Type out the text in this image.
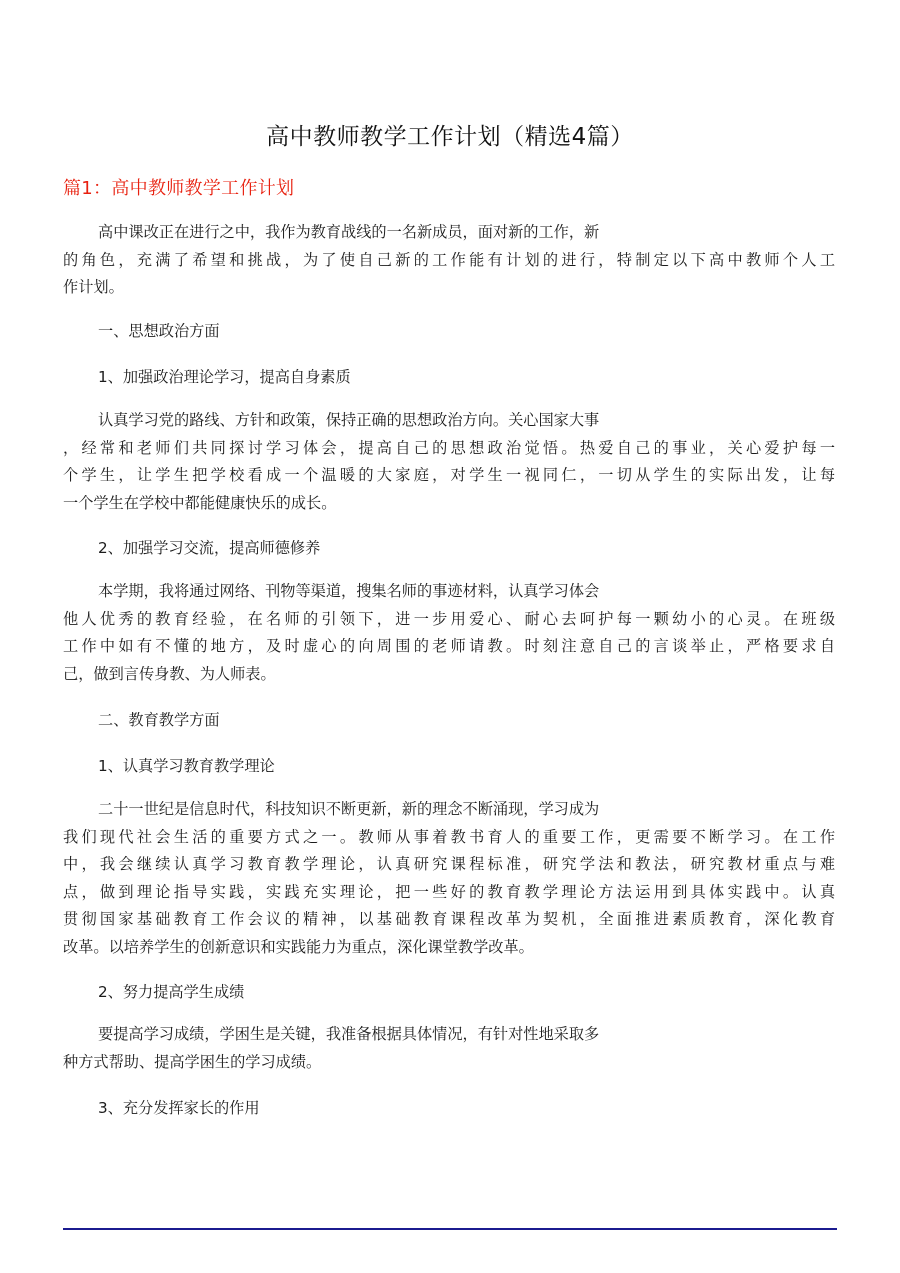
高中教师教学工作计划（精选4篇）
篇1：高中教师教学工作计划
高中课改正在进行之中，我作为教育战线的一名新成员，面对新的工作，新
的角色，充满了希望和挑战，为了使自己新的工作能有计划的进行，特制定以下高中教师个人工
作计划。
一、思想政治方面
1、加强政治理论学习，提高自身素质
认真学习党的路线、方针和政策，保持正确的思想政治方向。关心国家大事
，经常和老师们共同探讨学习体会，提高自己的思想政治觉悟。热爱自己的事业，关心爱护每一
个学生，让学生把学校看成一个温暖的大家庭，对学生一视同仁，一切从学生的实际出发，让每
一个学生在学校中都能健康快乐的成长。
2、加强学习交流，提高师德修养
本学期，我将通过网络、刊物等渠道，搜集名师的事迹材料，认真学习体会
他人优秀的教育经验，在名师的引领下，进一步用爱心、耐心去呵护每一颗幼小的心灵。在班级
工作中如有不懂的地方，及时虚心的向周围的老师请教。时刻注意自己的言谈举止，严格要求自
己，做到言传身教、为人师表。
二、教育教学方面
1、认真学习教育教学理论
二十一世纪是信息时代，科技知识不断更新，新的理念不断涌现，学习成为
我们现代社会生活的重要方式之一。教师从事着教书育人的重要工作，更需要不断学习。在工作
中，我会继续认真学习教育教学理论，认真研究课程标准，研究学法和教法，研究教材重点与难
点，做到理论指导实践，实践充实理论，把一些好的教育教学理论方法运用到具体实践中。认真
贯彻国家基础教育工作会议的精神，以基础教育课程改革为契机，全面推进素质教育，深化教育
改革。以培养学生的创新意识和实践能力为重点，深化课堂教学改革。
2、努力提高学生成绩
要提高学习成绩，学困生是关键，我准备根据具体情况，有针对性地采取多
种方式帮助、提高学困生的学习成绩。
3、充分发挥家长的作用
